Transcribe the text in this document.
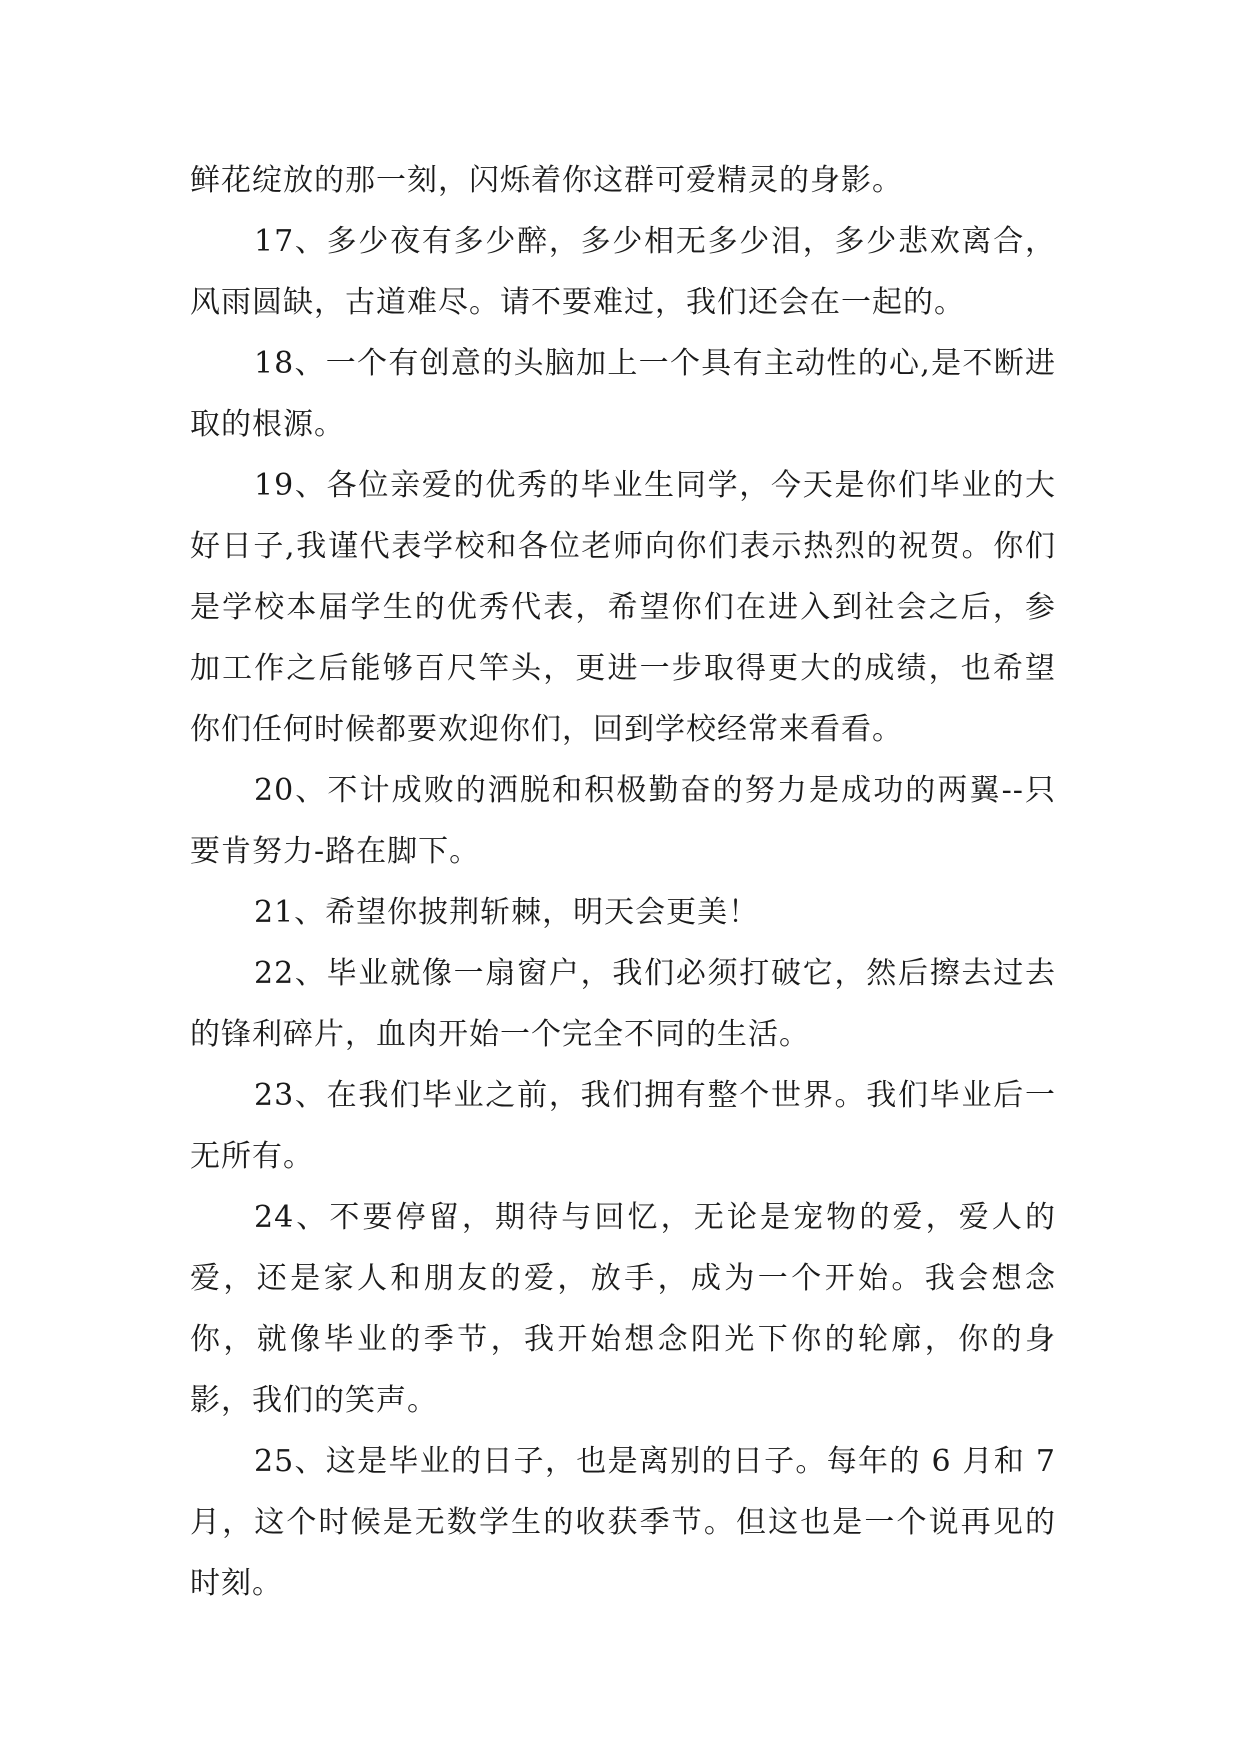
鲜花绽放的那一刻，闪烁着你这群可爱精灵的身影。

17、多少夜有多少醉，多少相无多少泪，多少悲欢离合，风雨圆缺，古道难尽。请不要难过，我们还会在一起的。

18、一个有创意的头脑加上一个具有主动性的心,是不断进取的根源。

19、各位亲爱的优秀的毕业生同学，今天是你们毕业的大好日子,我谨代表学校和各位老师向你们表示热烈的祝贺。你们是学校本届学生的优秀代表，希望你们在进入到社会之后，参加工作之后能够百尺竿头，更进一步取得更大的成绩，也希望你们任何时候都要欢迎你们，回到学校经常来看看。

20、不计成败的洒脱和积极勤奋的努力是成功的两翼--只要肯努力-路在脚下。

21、希望你披荆斩棘，明天会更美！

22、毕业就像一扇窗户，我们必须打破它，然后擦去过去的锋利碎片，血肉开始一个完全不同的生活。

23、在我们毕业之前，我们拥有整个世界。我们毕业后一无所有。

24、不要停留，期待与回忆，无论是宠物的爱，爱人的爱，还是家人和朋友的爱，放手，成为一个开始。我会想念你，就像毕业的季节，我开始想念阳光下你的轮廓，你的身影，我们的笑声。

25、这是毕业的日子，也是离别的日子。每年的 6 月和 7 月，这个时候是无数学生的收获季节。但这也是一个说再见的时刻。
